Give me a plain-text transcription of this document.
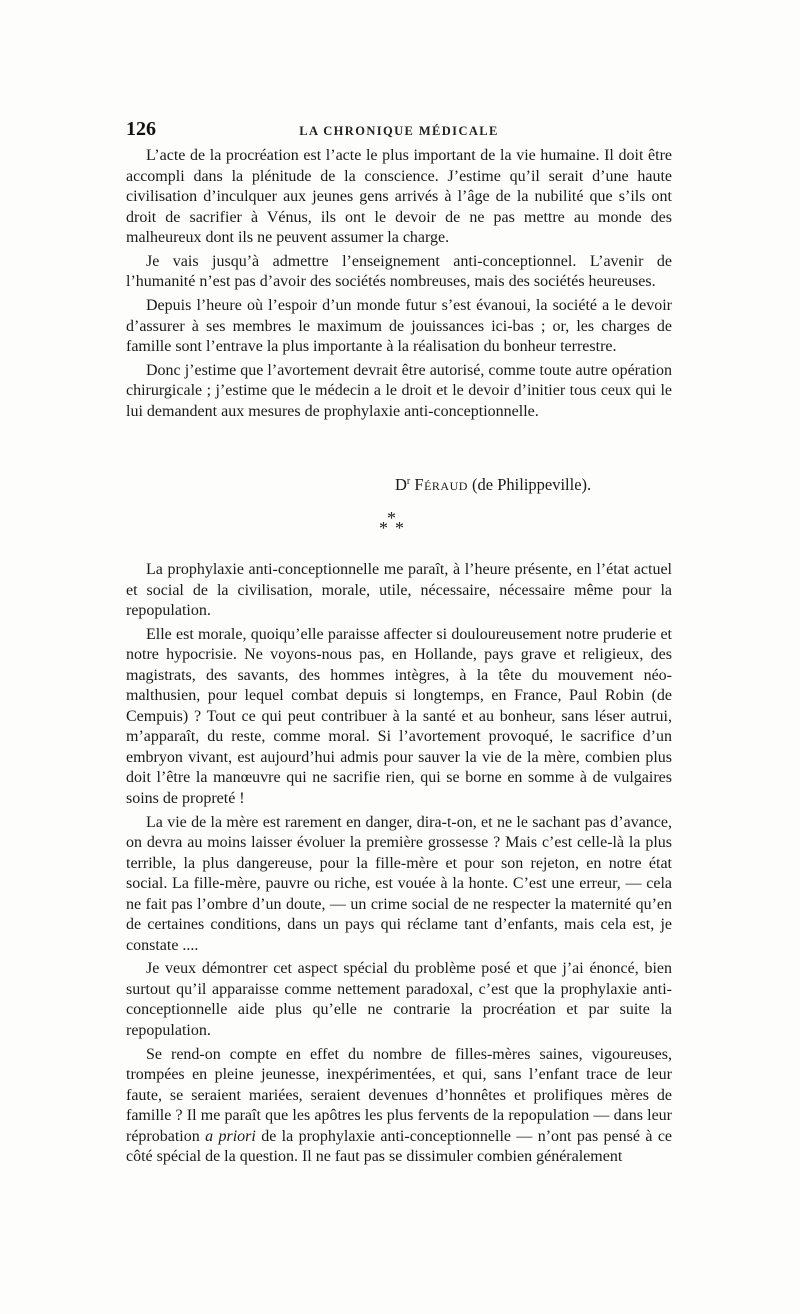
126	LA CHRONIQUE MÉDICALE

L’acte de la procréation est l’acte le plus important de la vie humaine. Il doit être accompli dans la plénitude de la conscience. J’estime qu’il serait d’une haute civilisation d’inculquer aux jeunes gens arrivés à l’âge de la nubilité que s’ils ont droit de sacrifier à Vénus, ils ont le devoir de ne pas mettre au monde des malheureux dont ils ne peuvent assumer la charge.

Je vais jusqu’à admettre l’enseignement anti-conceptionnel. L’avenir de l’humanité n’est pas d’avoir des sociétés nombreuses, mais des sociétés heureuses.

Depuis l’heure où l’espoir d’un monde futur s’est évanoui, la société a le devoir d’assurer à ses membres le maximum de jouissances ici-bas ; or, les charges de famille sont l’entrave la plus importante à la réalisation du bonheur terrestre.

Donc j’estime que l’avortement devrait être autorisé, comme toute autre opération chirurgicale ; j’estime que le médecin a le droit et le devoir d’initier tous ceux qui le lui demandent aux mesures de prophylaxie anti-conceptionnelle.

$D^r$ Féraud (de Philippeville).
*
* *

La prophylaxie anti-conceptionnelle me paraît, à l’heure présente, en l’état actuel et social de la civilisation, morale, utile, nécessaire, nécessaire même pour la repopulation.

Elle est morale, quoiqu’elle paraisse affecter si douloureusement notre pruderie et notre hypocrisie. Ne voyons-nous pas, en Hollande, pays grave et religieux, des magistrats, des savants, des hommes intègres, à la tête du mouvement néo-malthusien, pour lequel combat depuis si longtemps, en France, Paul Robin (de Cempuis) ? Tout ce qui peut contribuer à la santé et au bonheur, sans léser autrui, m’apparaît, du reste, comme moral. Si l’avortement provoqué, le sacrifice d’un embryon vivant, est aujourd’hui admis pour sauver la vie de la mère, combien plus doit l’être la manœuvre qui ne sacrifie rien, qui se borne en somme à de vulgaires soins de propreté !

La vie de la mère est rarement en danger, dira-t-on, et ne le sachant pas d’avance, on devra au moins laisser évoluer la première grossesse ? Mais c’est celle-là la plus terrible, la plus dangereuse, pour la fille-mère et pour son rejeton, en notre état social. La fille-mère, pauvre ou riche, est vouée à la honte. C’est une erreur, — cela ne fait pas l’ombre d’un doute, — un crime social de ne respecter la maternité qu’en de certaines conditions, dans un pays qui réclame tant d’enfants, mais cela est, je constate ....

Je veux démontrer cet aspect spécial du problème posé et que j’ai énoncé, bien surtout qu’il apparaisse comme nettement paradoxal, c’est que la prophylaxie anti-conceptionnelle aide plus qu’elle ne contrarie la procréation et par suite la repopulation.

Se rend-on compte en effet du nombre de filles-mères saines, vigoureuses, trompées en pleine jeunesse, inexpérimentées, et qui, sans l’enfant trace de leur faute, se seraient mariées, seraient devenues d’honnêtes et prolifiques mères de famille ? Il me paraît que les apôtres les plus fervents de la repopulation — dans leur réprobation a priori de la prophylaxie anti-conceptionnelle — n’ont pas pensé à ce côté spécial de la question. Il ne faut pas se dissimuler combien généralement
